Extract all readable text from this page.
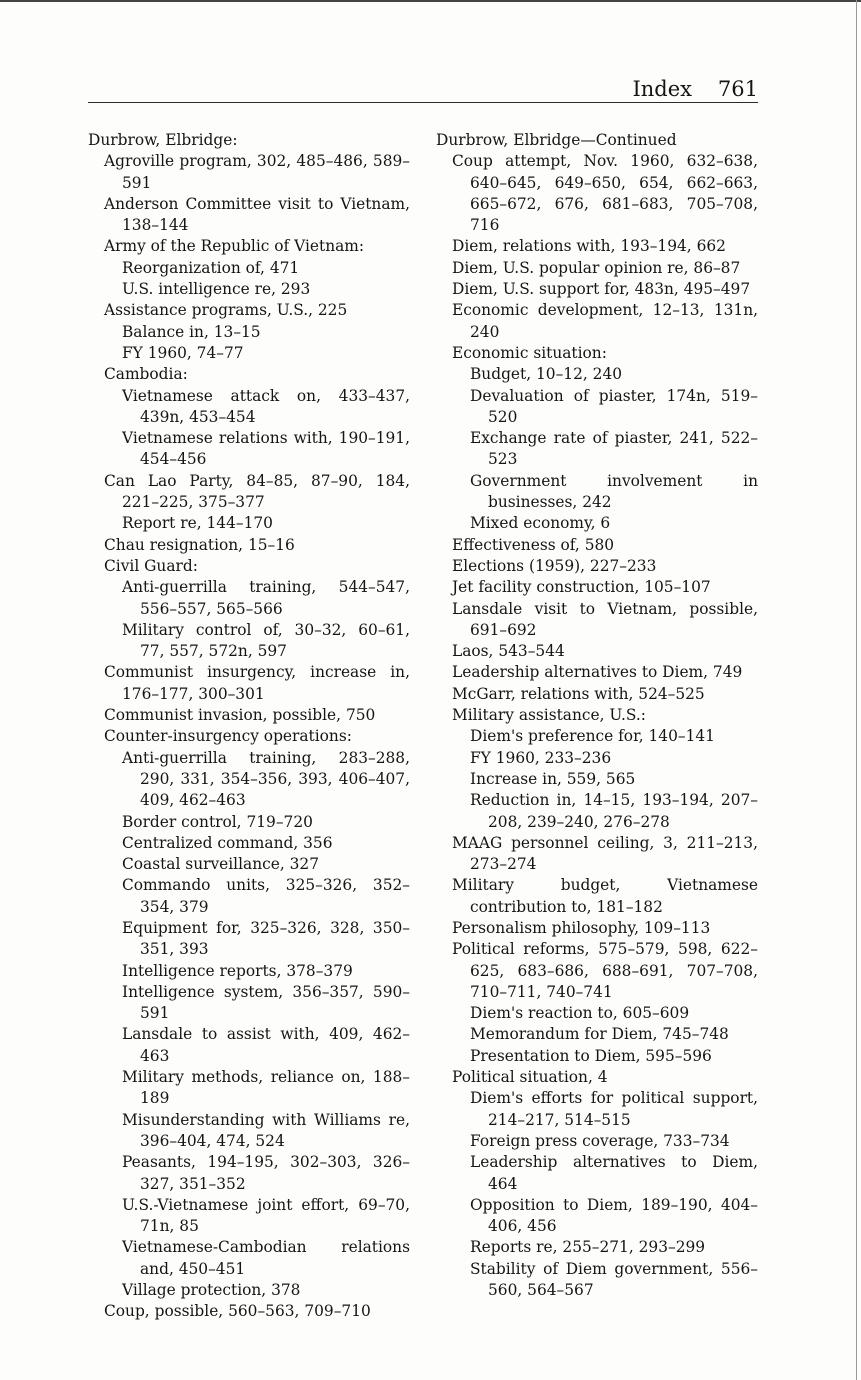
Index 761
Durbrow, Elbridge:
Agroville program, 302, 485–486, 589–591
Anderson Committee visit to Vietnam, 138–144
Army of the Republic of Vietnam:
Reorganization of, 471
U.S. intelligence re, 293
Assistance programs, U.S., 225
Balance in, 13–15
FY 1960, 74–77
Cambodia:
Vietnamese attack on, 433–437, 439n, 453–454
Vietnamese relations with, 190–191, 454–456
Can Lao Party, 84–85, 87–90, 184, 221–225, 375–377
Report re, 144–170
Chau resignation, 15–16
Civil Guard:
Anti-guerrilla training, 544–547, 556–557, 565–566
Military control of, 30–32, 60–61, 77, 557, 572n, 597
Communist insurgency, increase in, 176–177, 300–301
Communist invasion, possible, 750
Counter-insurgency operations:
Anti-guerrilla training, 283–288, 290, 331, 354–356, 393, 406–407, 409, 462–463
Border control, 719–720
Centralized command, 356
Coastal surveillance, 327
Commando units, 325–326, 352–354, 379
Equipment for, 325–326, 328, 350–351, 393
Intelligence reports, 378–379
Intelligence system, 356–357, 590–591
Lansdale to assist with, 409, 462–463
Military methods, reliance on, 188–189
Misunderstanding with Williams re, 396–404, 474, 524
Peasants, 194–195, 302–303, 326–327, 351–352
U.S.-Vietnamese joint effort, 69–70, 71n, 85
Vietnamese-Cambodian relations and, 450–451
Village protection, 378
Coup, possible, 560–563, 709–710
Durbrow, Elbridge—Continued
Coup attempt, Nov. 1960, 632–638, 640–645, 649–650, 654, 662–663, 665–672, 676, 681–683, 705–708, 716
Diem, relations with, 193–194, 662
Diem, U.S. popular opinion re, 86–87
Diem, U.S. support for, 483n, 495–497
Economic development, 12–13, 131n, 240
Economic situation:
Budget, 10–12, 240
Devaluation of piaster, 174n, 519–520
Exchange rate of piaster, 241, 522–523
Government involvement in businesses, 242
Mixed economy, 6
Effectiveness of, 580
Elections (1959), 227–233
Jet facility construction, 105–107
Lansdale visit to Vietnam, possible, 691–692
Laos, 543–544
Leadership alternatives to Diem, 749
McGarr, relations with, 524–525
Military assistance, U.S.:
Diem's preference for, 140–141
FY 1960, 233–236
Increase in, 559, 565
Reduction in, 14–15, 193–194, 207–208, 239–240, 276–278
MAAG personnel ceiling, 3, 211–213, 273–274
Military budget, Vietnamese contribution to, 181–182
Personalism philosophy, 109–113
Political reforms, 575–579, 598, 622–625, 683–686, 688–691, 707–708, 710–711, 740–741
Diem's reaction to, 605–609
Memorandum for Diem, 745–748
Presentation to Diem, 595–596
Political situation, 4
Diem's efforts for political support, 214–217, 514–515
Foreign press coverage, 733–734
Leadership alternatives to Diem, 464
Opposition to Diem, 189–190, 404–406, 456
Reports re, 255–271, 293–299
Stability of Diem government, 556–560, 564–567
